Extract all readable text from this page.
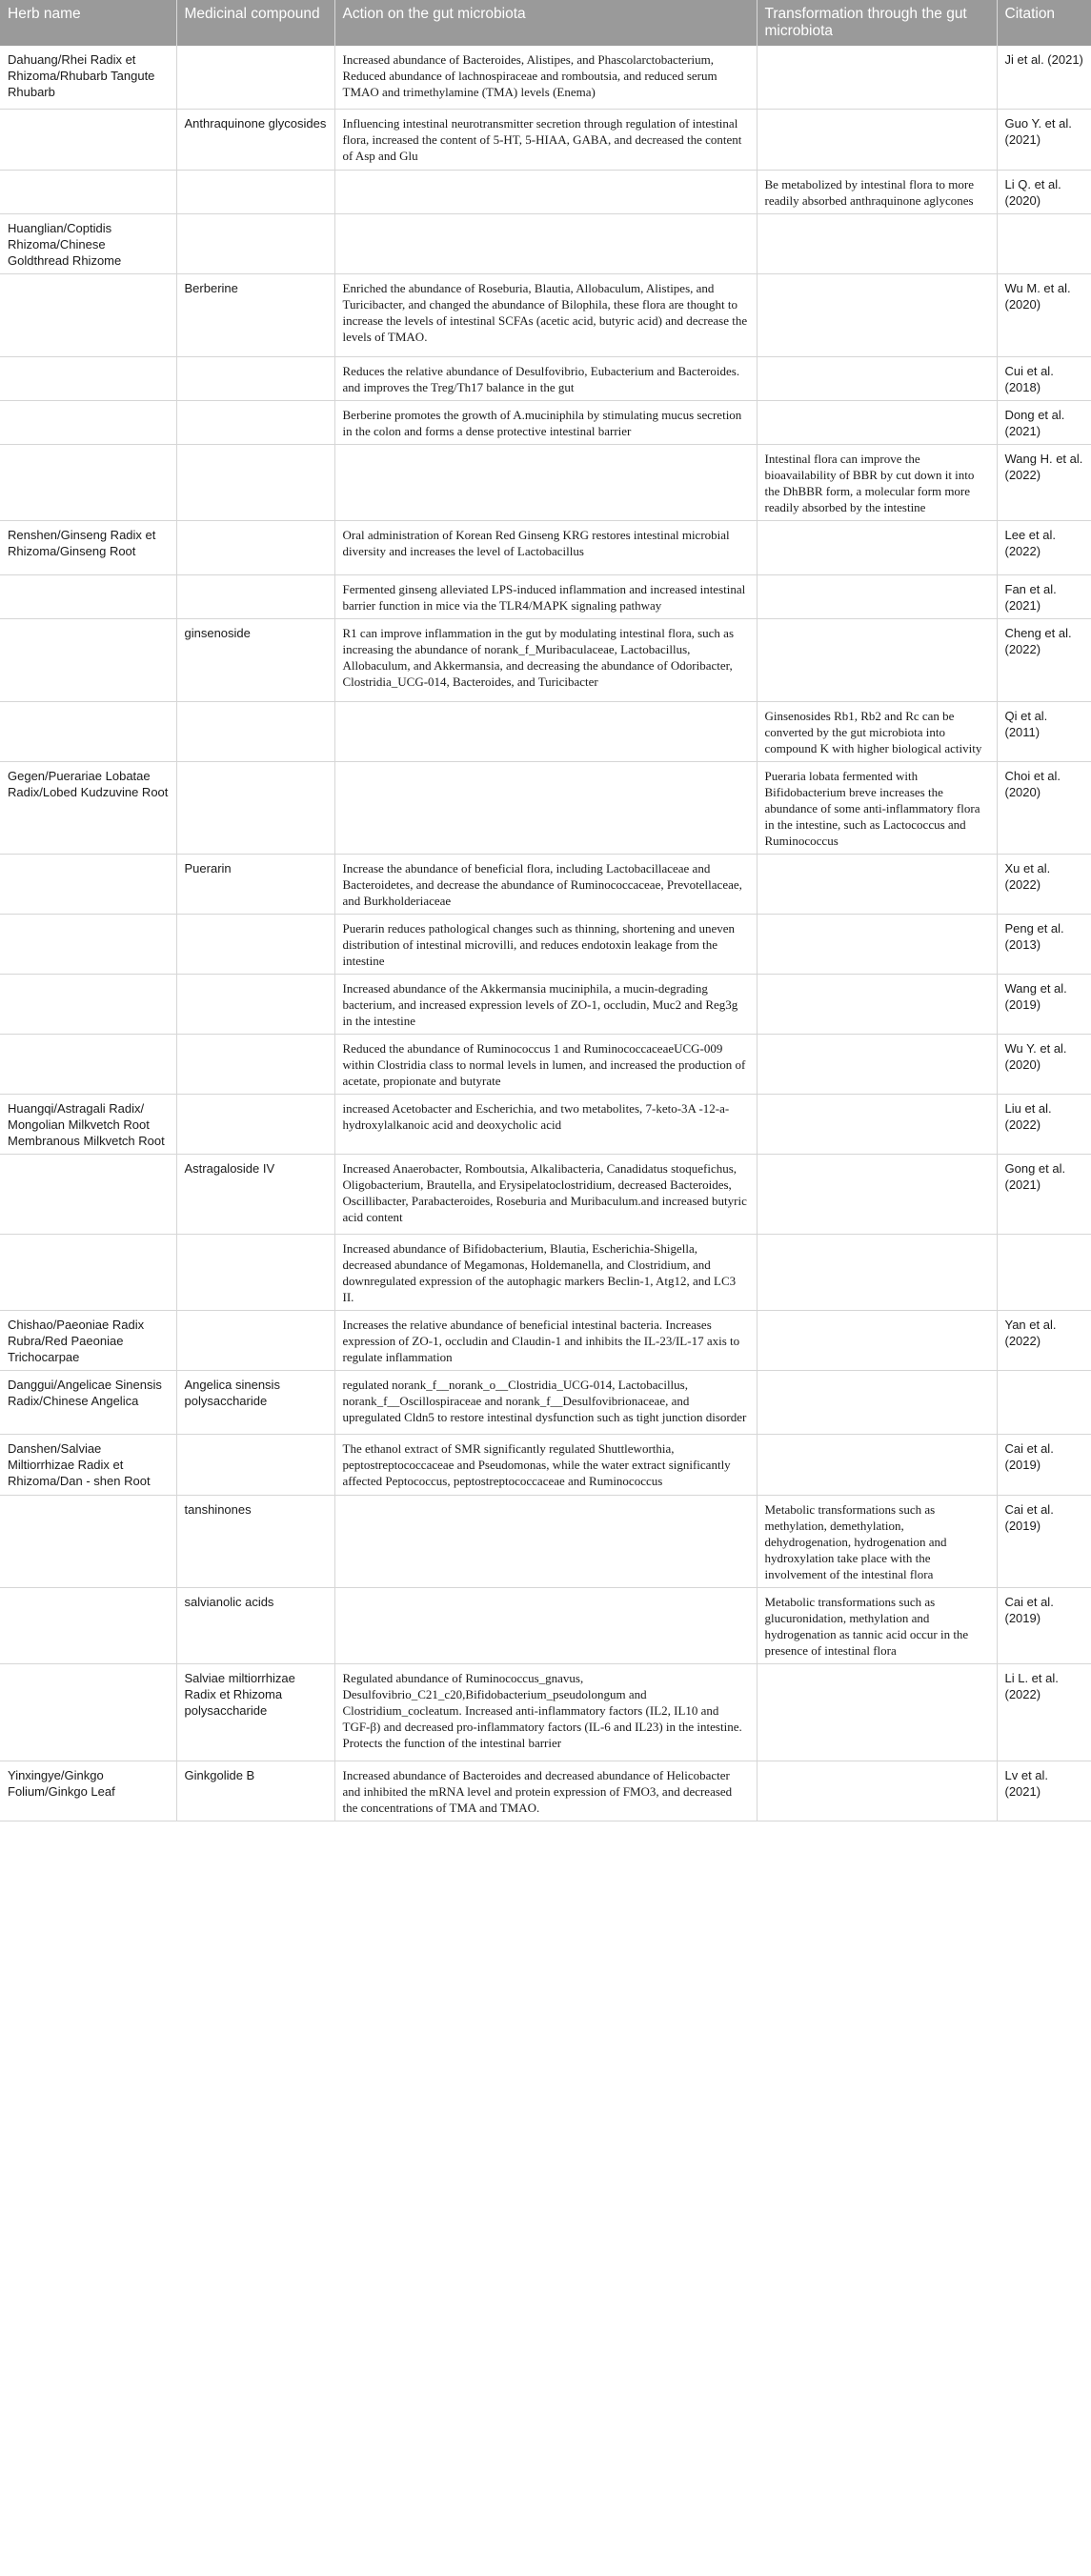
Herb name	Medicinal compound	Action on the gut microbiota	Transformation through the gut microbiota	Citation
Dahuang/Rhei Radix et Rhizoma/Rhubarb Tangute Rhubarb		Increased abundance of Bacteroides, Alistipes, and Phascolarctobacterium, Reduced abundance of lachnospiraceae and romboutsia, and reduced serum TMAO and trimethylamine (TMA) levels (Enema)		Ji et al. (2021)
	Anthraquinone glycosides	Influencing intestinal neurotransmitter secretion through regulation of intestinal flora, increased the content of 5-HT, 5-HIAA, GABA, and decreased the content of Asp and Glu		Guo Y. et al. (2021)
			Be metabolized by intestinal flora to more readily absorbed anthraquinone aglycones	Li Q. et al. (2020)
Huanglian/Coptidis Rhizoma/Chinese Goldthread Rhizome				
	Berberine	Enriched the abundance of Roseburia, Blautia, Allobaculum, Alistipes, and Turicibacter, and changed the abundance of Bilophila, these flora are thought to increase the levels of intestinal SCFAs (acetic acid, butyric acid) and decrease the levels of TMAO.		Wu M. et al. (2020)
		Reduces the relative abundance of Desulfovibrio, Eubacterium and Bacteroides. and improves the Treg/Th17 balance in the gut		Cui et al. (2018)
		Berberine promotes the growth of A.muciniphila by stimulating mucus secretion in the colon and forms a dense protective intestinal barrier		Dong et al. (2021)
			Intestinal flora can improve the bioavailability of BBR by cut down it into the DhBBR form, a molecular form more readily absorbed by the intestine	Wang H. et al. (2022)
Renshen/Ginseng Radix et Rhizoma/Ginseng Root		Oral administration of Korean Red Ginseng KRG restores intestinal microbial diversity and increases the level of Lactobacillus		Lee et al. (2022)
		Fermented ginseng alleviated LPS-induced inflammation and increased intestinal barrier function in mice via the TLR4/MAPK signaling pathway		Fan et al. (2021)
	ginsenoside	R1 can improve inflammation in the gut by modulating intestinal flora, such as increasing the abundance of norank_f_Muribaculaceae, Lactobacillus, Allobaculum, and Akkermansia, and decreasing the abundance of Odoribacter, Clostridia_UCG-014, Bacteroides, and Turicibacter		Cheng et al. (2022)
			Ginsenosides Rb1, Rb2 and Rc can be converted by the gut microbiota into compound K with higher biological activity	Qi et al. (2011)
Gegen/Puerariae Lobatae Radix/Lobed Kudzuvine Root			Pueraria lobata fermented with Bifidobacterium breve increases the abundance of some anti-inflammatory flora in the intestine, such as Lactococcus and Ruminococcus	Choi et al. (2020)
	Puerarin	Increase the abundance of beneficial flora, including Lactobacillaceae and Bacteroidetes, and decrease the abundance of Ruminococcaceae, Prevotellaceae, and Burkholderiaceae		Xu et al. (2022)
		Puerarin reduces pathological changes such as thinning, shortening and uneven distribution of intestinal microvilli, and reduces endotoxin leakage from the intestine		Peng et al. (2013)
		Increased abundance of the Akkermansia muciniphila, a mucin-degrading bacterium, and increased expression levels of ZO-1, occludin, Muc2 and Reg3g in the intestine		Wang et al. (2019)
		Reduced the abundance of Ruminococcus 1 and RuminococcaceaeUCG-009 within Clostridia class to normal levels in lumen, and increased the production of acetate, propionate and butyrate		Wu Y. et al. (2020)
Huangqi/Astragali Radix/ Mongolian Milkvetch Root Membranous Milkvetch Root		increased Acetobacter and Escherichia, and two metabolites, 7-keto-3A -12-a-hydroxylalkanoic acid and deoxycholic acid		Liu et al. (2022)
	Astragaloside IV	Increased Anaerobacter, Romboutsia, Alkalibacteria, Canadidatus stoquefichus, Oligobacterium, Brautella, and Erysipelatoclostridium, decreased Bacteroides, Oscillibacter, Parabacteroides, Roseburia and Muribaculum.and increased butyric acid content		Gong et al. (2021)
		Increased abundance of Bifidobacterium, Blautia, Escherichia-Shigella, decreased abundance of Megamonas, Holdemanella, and Clostridium, and downregulated expression of the autophagic markers Beclin-1, Atg12, and LC3 II.		
Chishao/Paeoniae Radix Rubra/Red Paeoniae Trichocarpae		Increases the relative abundance of beneficial intestinal bacteria. Increases expression of ZO-1, occludin and Claudin-1 and inhibits the IL-23/IL-17 axis to regulate inflammation		Yan et al. (2022)
Danggui/Angelicae Sinensis Radix/Chinese Angelica	Angelica sinensis polysaccharide	regulated norank_f__norank_o__Clostridia_UCG-014, Lactobacillus, norank_f__Oscillospiraceae and norank_f__Desulfovibrionaceae, and upregulated Cldn5 to restore intestinal dysfunction such as tight junction disorder		
Danshen/Salviae Miltiorrhizae Radix et Rhizoma/Dan - shen Root		The ethanol extract of SMR significantly regulated Shuttleworthia, peptostreptococcaceae and Pseudomonas, while the water extract significantly affected Peptococcus, peptostreptococcaceae and Ruminococcus		Cai et al. (2019)
	tanshinones		Metabolic transformations such as methylation, demethylation, dehydrogenation, hydrogenation and hydroxylation take place with the involvement of the intestinal flora	Cai et al. (2019)
	salvianolic acids		Metabolic transformations such as glucuronidation, methylation and hydrogenation as tannic acid occur in the presence of intestinal flora	Cai et al. (2019)
	Salviae miltiorrhizae Radix et Rhizoma polysaccharide	Regulated abundance of Ruminococcus_gnavus, Desulfovibrio_C21_c20,Bifidobacterium_pseudolongum and Clostridium_cocleatum. Increased anti-inflammatory factors (IL2, IL10 and TGF-β) and decreased pro-inflammatory factors (IL-6 and IL23) in the intestine. Protects the function of the intestinal barrier		Li L. et al. (2022)
Yinxingye/Ginkgo Folium/Ginkgo Leaf	Ginkgolide B	Increased abundance of Bacteroides and decreased abundance of Helicobacter and inhibited the mRNA level and protein expression of FMO3, and decreased the concentrations of TMA and TMAO.		Lv et al. (2021)
